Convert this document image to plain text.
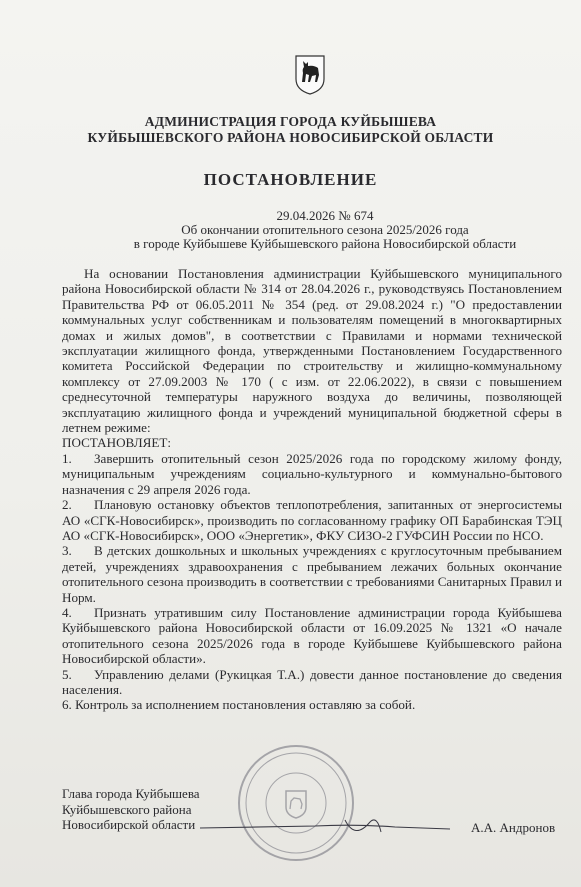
АДМИНИСТРАЦИЯ ГОРОДА КУЙБЫШЕВА
КУЙБЫШЕВСКОГО РАЙОНА НОВОСИБИРСКОЙ ОБЛАСТИ
ПОСТАНОВЛЕНИЕ
29.04.2026 № 674
Об окончании отопительного сезона 2025/2026 года
в городе Куйбышеве Куйбышевского района Новосибирской области

На основании Постановления администрации Куйбышевского муниципального района Новосибирской области № 314 от 28.04.2026 г., руководствуясь Постановлением Правительства РФ от 06.05.2011 № 354 (ред. от 29.08.2024 г.) "О предоставлении коммунальных услуг собственникам и пользователям помещений в многоквартирных домах и жилых домов", в соответствии с Правилами и нормами технической эксплуатации жилищного фонда, утвержденными Постановлением Государственного комитета Российской Федерации по строительству и жилищно-коммунальному комплексу от 27.09.2003 № 170 ( с изм. от 22.06.2022), в связи с повышением среднесуточной температуры наружного воздуха до величины, позволяющей эксплуатацию жилищного фонда и учреждений муниципальной бюджетной сферы в летнем режиме:

ПОСТАНОВЛЯЕТ:

1. Завершить отопительный сезон 2025/2026 года по городскому жилому фонду, муниципальным учреждениям социально-культурного и коммунально-бытового назначения с 29 апреля 2026 года.

2. Плановую остановку объектов теплопотребления, запитанных от энергосистемы АО «СГК-Новосибирск», производить по согласованному графику ОП Барабинская ТЭЦ АО «СГК-Новосибирск», ООО «Энергетик», ФКУ СИЗО-2 ГУФСИН России по НСО.

3. В детских дошкольных и школьных учреждениях с круглосуточным пребыванием детей, учреждениях здравоохранения с пребыванием лежачих больных окончание отопительного сезона производить в соответствии с требованиями Санитарных Правил и Норм.

4. Признать утратившим силу Постановление администрации города Куйбышева Куйбышевского района Новосибирской области от 16.09.2025 № 1321 «О начале отопительного сезона 2025/2026 года в городе Куйбышеве Куйбышевского района Новосибирской области».

5. Управлению делами (Рукицкая Т.А.) довести данное постановление до сведения населения.

6. Контроль за исполнением постановления оставляю за собой.

Глава города Куйбышева
Куйбышевского района
Новосибирской области	А.А. Андронов
